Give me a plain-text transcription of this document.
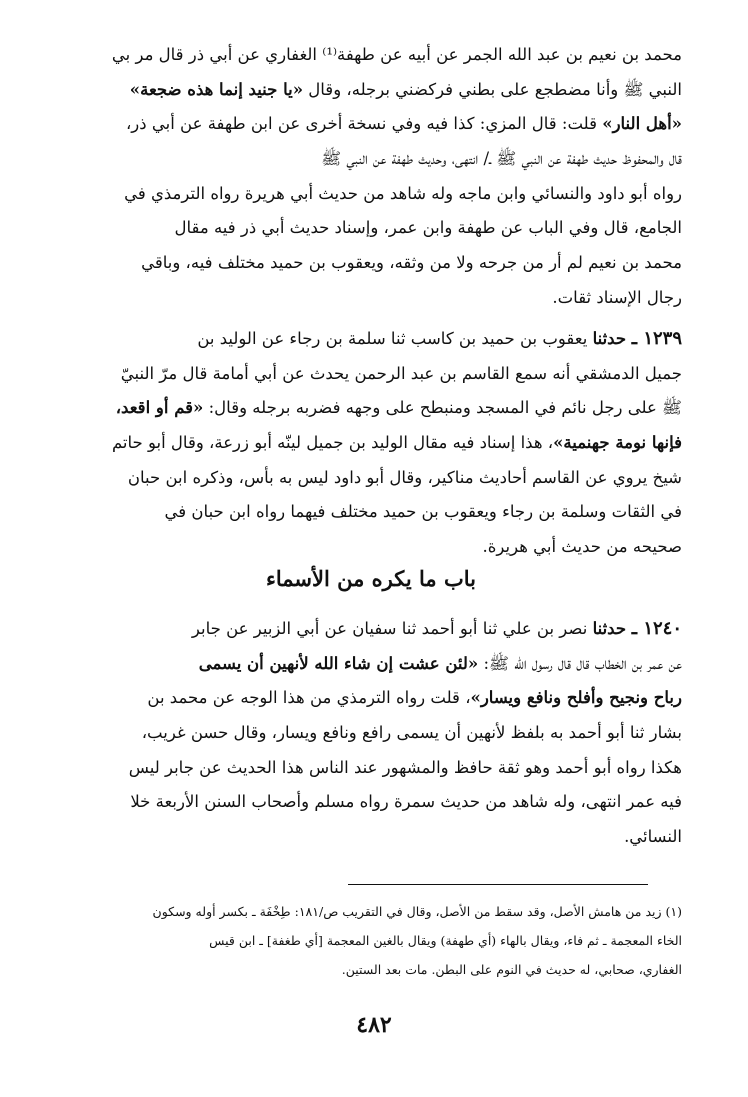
محمد بن نعيم بن عبد الله الجمر عن أبيه عن طهفة⁽¹⁾ الغفاري عن أبي ذر قال مر بي
النبي ﷺ وأنا مضطجع على بطني فركضني برجله، وقال «يا جنيد إنما هذه ضجعة»
«أهل النار» قلت: قال المزي: كذا فيه وفي نسخة أخرى عن ابن طهفة عن أبي ذر،
قال والمحفوظ حديث طهفة عن النبي ﷺ ـ/ انتهى، وحديث طهفة عن النبي ﷺ
رواه أبو داود والنسائي وابن ماجه وله شاهد من حديث أبي هريرة رواه الترمذي في
الجامع، قال وفي الباب عن طهفة وابن عمر، وإسناد حديث أبي ذر فيه مقال
محمد بن نعيم لم أر من جرحه ولا من وثقه، ويعقوب بن حميد مختلف فيه، وباقي
رجال الإسناد ثقات.
١٢٣٩ ـ حدثنا يعقوب بن حميد بن كاسب ثنا سلمة بن رجاء عن الوليد بن
جميل الدمشقي أنه سمع القاسم بن عبد الرحمن يحدث عن أبي أمامة قال مرّ النبيّ
ﷺ على رجل نائم في المسجد ومنبطح على وجهه فضربه برجله وقال: «قم أو اقعد،
فإنها نومة جهنمية»، هذا إسناد فيه مقال الوليد بن جميل لينّه أبو زرعة، وقال أبو حاتم
شيخ يروي عن القاسم أحاديث مناكير، وقال أبو داود ليس به بأس، وذكره ابن حبان
في الثقات وسلمة بن رجاء ويعقوب بن حميد مختلف فيهما رواه ابن حبان في
صحيحه من حديث أبي هريرة.
باب ما يكره من الأسماء
١٢٤٠ ـ حدثنا نصر بن علي ثنا أبو أحمد ثنا سفيان عن أبي الزبير عن جابر
عن عمر بن الخطاب قال قال رسول الله ﷺ: «لئن عشت إن شاء الله لأنهين أن يسمى
رباح ونجيح وأفلح ونافع ويسار»، قلت رواه الترمذي من هذا الوجه عن محمد بن
بشار ثنا أبو أحمد به بلفظ لأنهين أن يسمى رافع ونافع ويسار، وقال حسن غريب،
هكذا رواه أبو أحمد وهو ثقة حافظ والمشهور عند الناس هذا الحديث عن جابر ليس
فيه عمر انتهى، وله شاهد من حديث سمرة رواه مسلم وأصحاب السنن الأربعة خلا
النسائي.
(١) زيد من هامش الأصل، وقد سقط من الأصل، وقال في التقريب ص/١٨١: طِخْفَة ـ بكسر أوله وسكون
الخاء المعجمة ـ ثم فاء، ويقال بالهاء (أي طهفة) ويقال بالغين المعجمة [أي طغفة] ـ ابن قيس
الغفاري، صحابي، له حديث في النوم على البطن. مات بعد الستين.
٤٨٢
